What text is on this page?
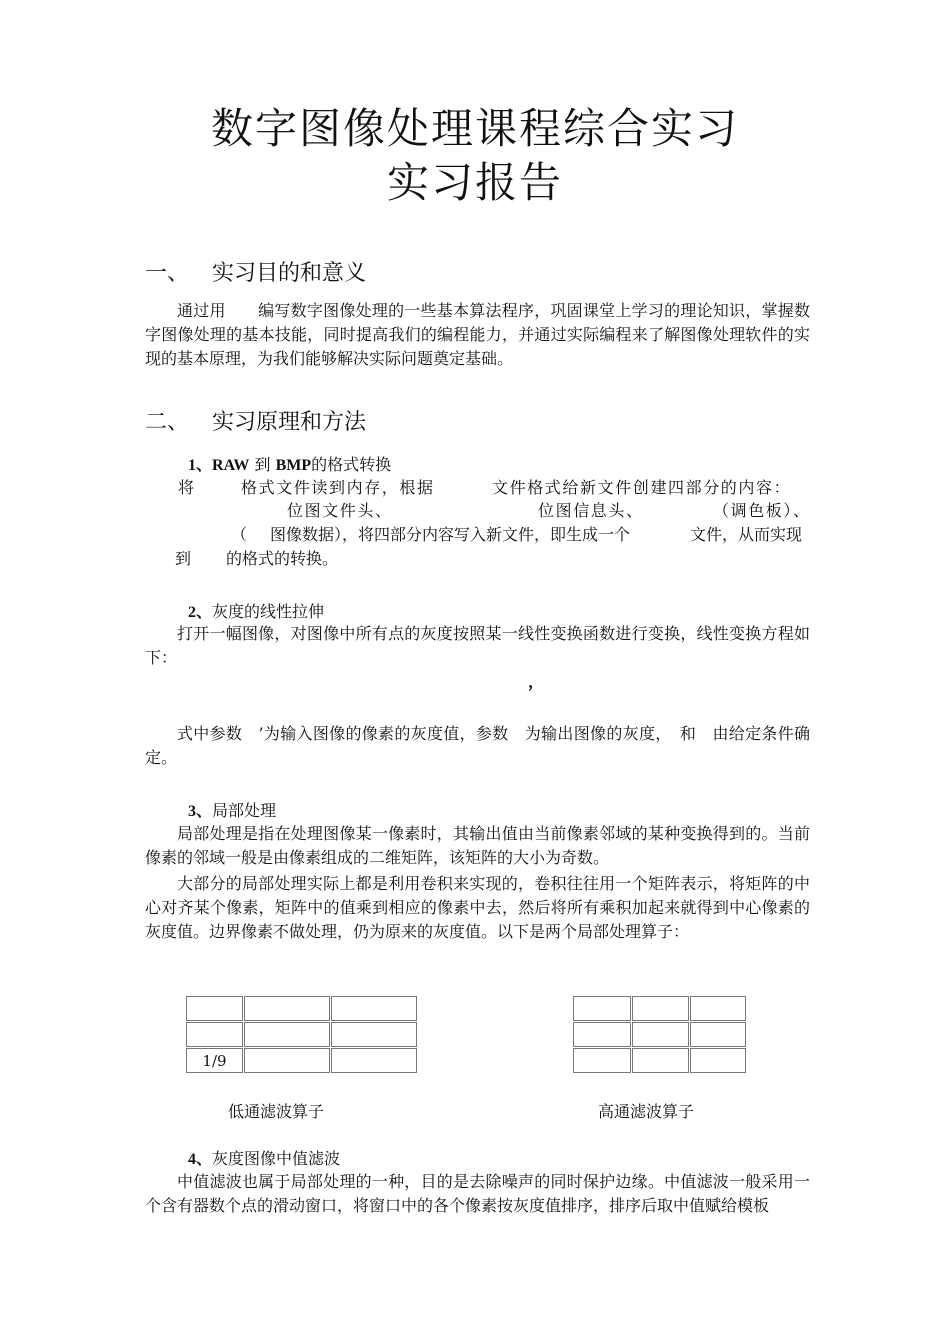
数字图像处理课程综合实习
实习报告
一、 实习目的和意义
通过用　　编写数字图像处理的一些基本算法程序，巩固课堂上学习的理论知识，掌握数字图像处理的基本技能，同时提高我们的编程能力，并通过实际编程来了解图像处理软件的实现的基本原理，为我们能够解决实际问题奠定基础。
二、 实习原理和方法
1、RAW 到 BMP的格式转换
将	格式文件读到内存，根据	文件格式给新文件创建四部分的内容：
位图文件头、	位图信息头、	（调色板）、
（ 图像数据），将四部分内容写入新文件，即生成一个	文件，从而实现
到 的格式的转换。
2、灰度的线性拉伸
打开一幅图像，对图像中所有点的灰度按照某一线性变换函数进行变换，线性变换方程如下：
，
式中参数　’为输入图像的像素的灰度值，参数　为输出图像的灰度，　和　由给定条件确定。
3、局部处理
局部处理是指在处理图像某一像素时，其输出值由当前像素邻域的某种变换得到的。当前像素的邻域一般是由像素组成的二维矩阵，该矩阵的大小为奇数。
大部分的局部处理实际上都是利用卷积来实现的，卷积往往用一个矩阵表示，将矩阵的中心对齐某个像素，矩阵中的值乘到相应的像素中去，然后将所有乘积加起来就得到中心像素的灰度值。边界像素不做处理，仍为原来的灰度值。以下是两个局部处理算子：

1/9		

低通滤波算子	高通滤波算子
4、灰度图像中值滤波
中值滤波也属于局部处理的一种，目的是去除噪声的同时保护边缘。中值滤波一般采用一个含有器数个点的滑动窗口，将窗口中的各个像素按灰度值排序，排序后取中值赋给模板
